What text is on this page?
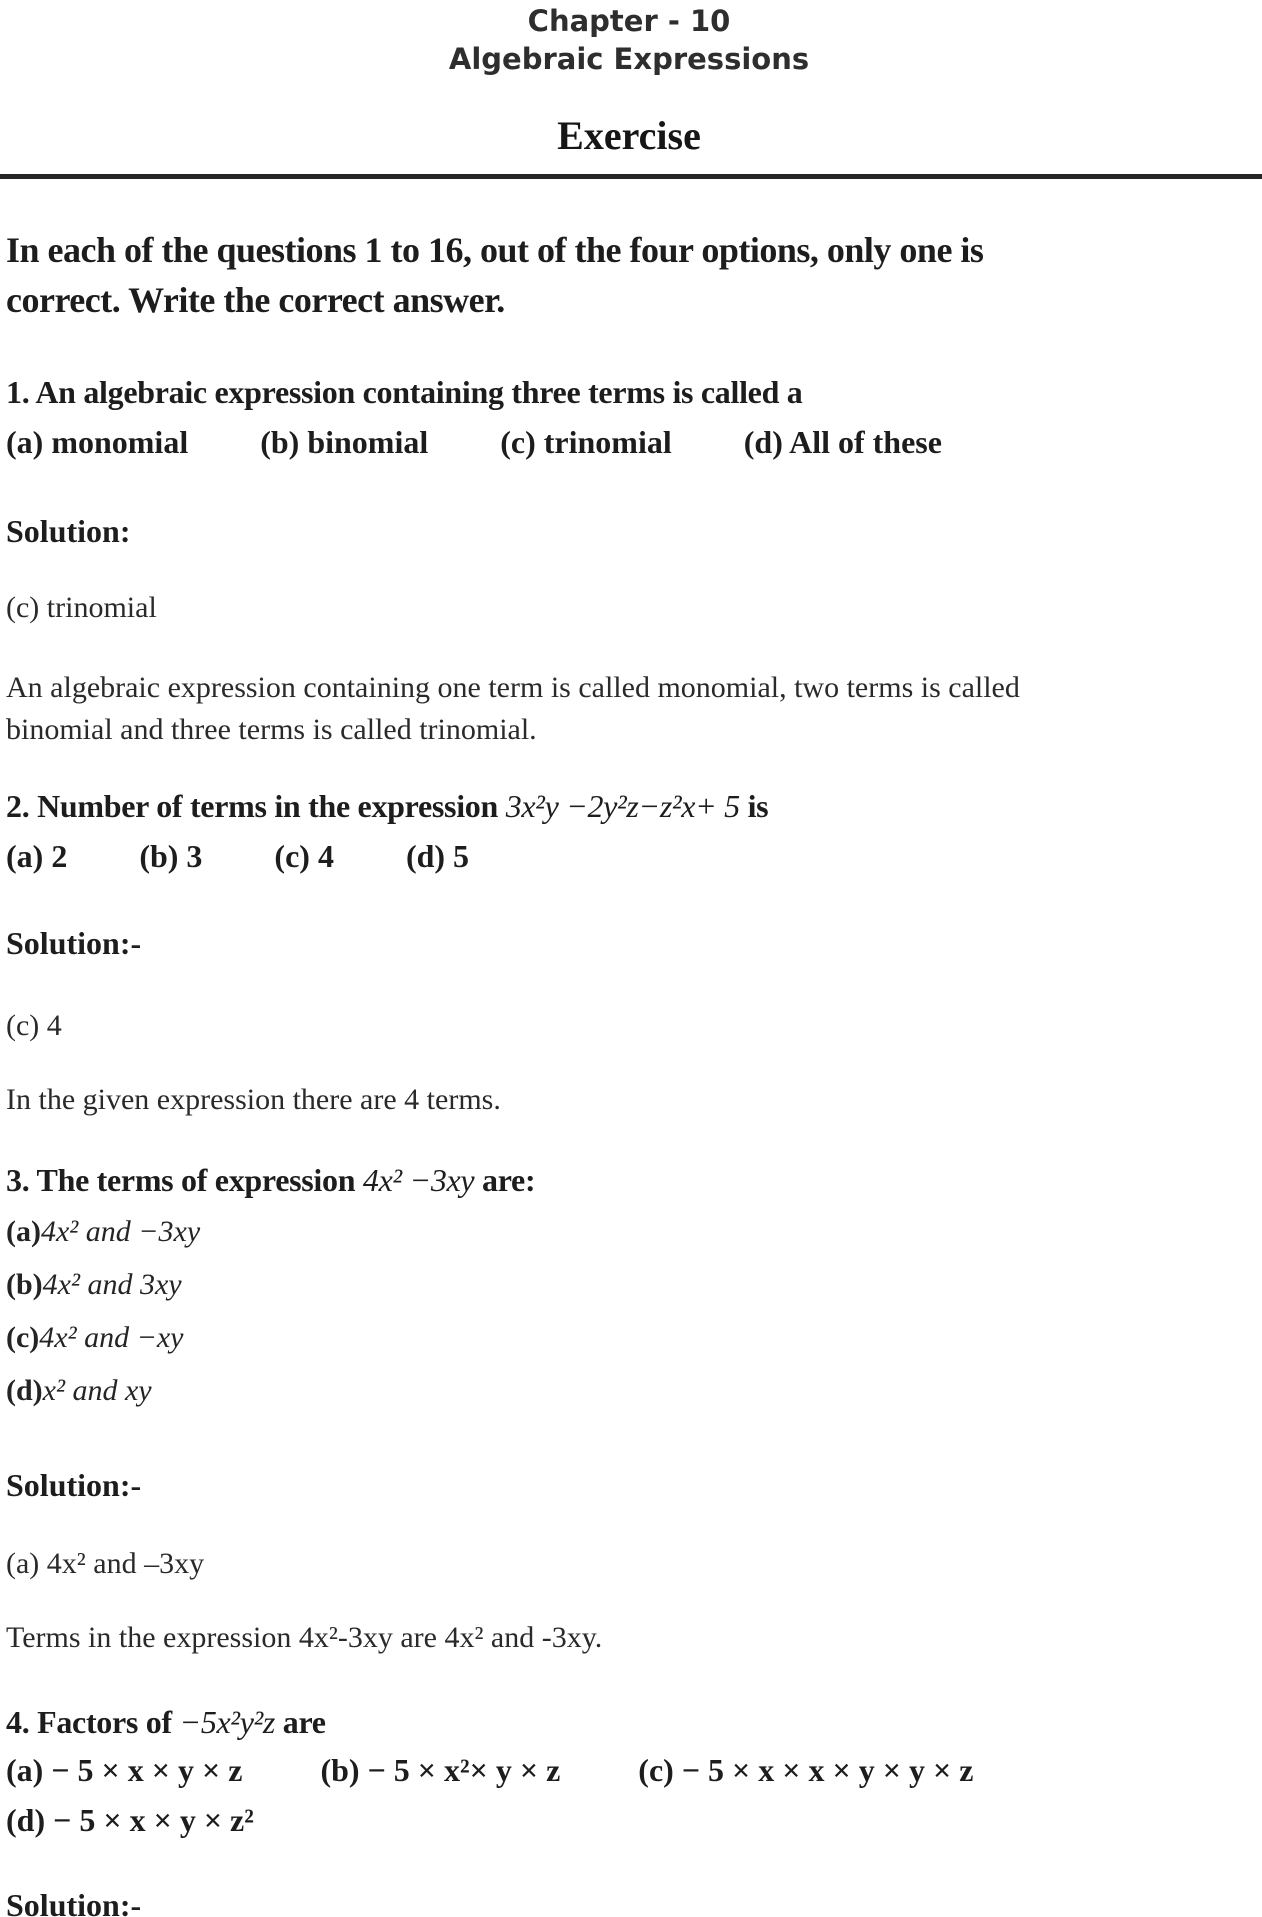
Chapter - 10
Algebraic Expressions
Exercise

In each of the questions 1 to 16, out of the four options, only one is
correct. Write the correct answer.

1. An algebraic expression containing three terms is called a

(a) monomial (b) binomial (c) trinomial (d) All of these

Solution:

(c) trinomial

An algebraic expression containing one term is called monomial, two terms is called
binomial and three terms is called trinomial.

2. Number of terms in the expression 3x²y −2y²z−z²x+ 5 is

(a) 2 (b) 3 (c) 4 (d) 5

Solution:-

(c) 4

In the given expression there are 4 terms.

3. The terms of expression 4x² −3xy are:

(a)4x² and −3xy

(b)4x² and 3xy

(c)4x² and −xy

(d)x² and xy

Solution:-

(a) 4x² and –3xy

Terms in the expression 4x²-3xy are 4x² and -3xy.

4. Factors of −5x²y²z are

(a) − 5 × x × y × z (b) − 5 × x²× y × z (c) − 5 × x × x × y × y × z

(d) − 5 × x × y × z²

Solution:-
